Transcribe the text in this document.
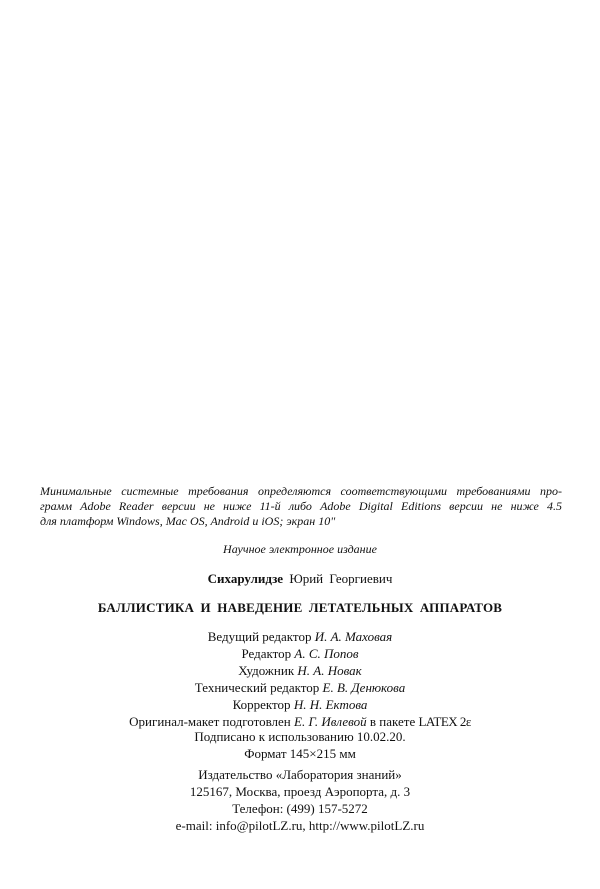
Минимальные системные требования определяются соответствующими требованиями про-
грамм Adobe Reader версии не ниже 11-й либо Adobe Digital Editions версии не ниже 4.5
для платформ Windows, Mac OS, Android и iOS; экран 10"
Научное электронное издание
Сихарулидзе Юрий Георгиевич
БАЛЛИСТИКА И НАВЕДЕНИЕ ЛЕТАТЕЛЬНЫХ АППАРАТОВ
Ведущий редактор И. А. Маховая
Редактор А. С. Попов
Художник Н. А. Новак
Технический редактор Е. В. Денюкова
Корректор Н. Н. Ектова
Оригинал-макет подготовлен Е. Г. Ивлевой в пакете LATEX 2ε
Подписано к использованию 10.02.20.
Формат 145×215 мм
Издательство «Лаборатория знаний»
125167, Москва, проезд Аэропорта, д. 3
Телефон: (499) 157-5272
e-mail: info@pilotLZ.ru, http://www.pilotLZ.ru
